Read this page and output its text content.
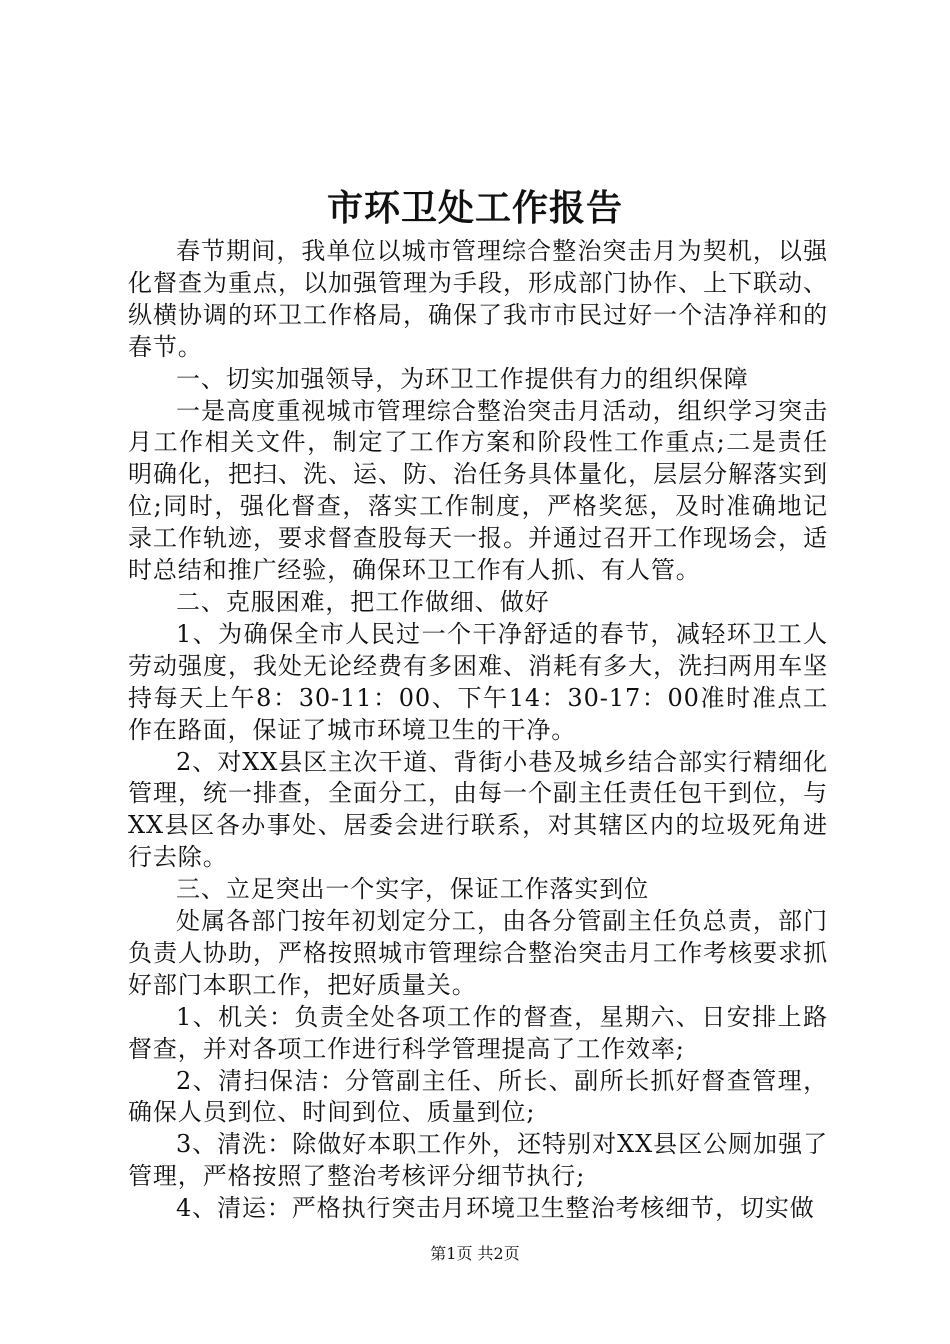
市环卫处工作报告

春节期间，我单位以城市管理综合整治突击月为契机，以强化督查为重点，以加强管理为手段，形成部门协作、上下联动、纵横协调的环卫工作格局，确保了我市市民过好一个洁净祥和的春节。

一、切实加强领导，为环卫工作提供有力的组织保障

一是高度重视城市管理综合整治突击月活动，组织学习突击月工作相关文件，制定了工作方案和阶段性工作重点;二是责任明确化，把扫、洗、运、防、治任务具体量化，层层分解落实到位;同时，强化督查，落实工作制度，严格奖惩，及时准确地记录工作轨迹，要求督查股每天一报。并通过召开工作现场会，适时总结和推广经验，确保环卫工作有人抓、有人管。

二、克服困难，把工作做细、做好

1、为确保全市人民过一个干净舒适的春节，减轻环卫工人劳动强度，我处无论经费有多困难、消耗有多大，洗扫两用车坚持每天上午8：30-11：00、下午14：30-17：00准时准点工作在路面，保证了城市环境卫生的干净。

2、对XX县区主次干道、背街小巷及城乡结合部实行精细化管理，统一排查，全面分工，由每一个副主任责任包干到位，与XX县区各办事处、居委会进行联系，对其辖区内的垃圾死角进行去除。

三、立足突出一个实字，保证工作落实到位

处属各部门按年初划定分工，由各分管副主任负总责，部门负责人协助，严格按照城市管理综合整治突击月工作考核要求抓好部门本职工作，把好质量关。

1、机关：负责全处各项工作的督查，星期六、日安排上路督查，并对各项工作进行科学管理提高了工作效率;

2、清扫保洁：分管副主任、所长、副所长抓好督查管理，确保人员到位、时间到位、质量到位;

3、清洗：除做好本职工作外，还特别对XX县区公厕加强了管理，严格按照了整治考核评分细节执行;

4、清运：严格执行突击月环境卫生整治考核细节，切实做

第1页 共2页
